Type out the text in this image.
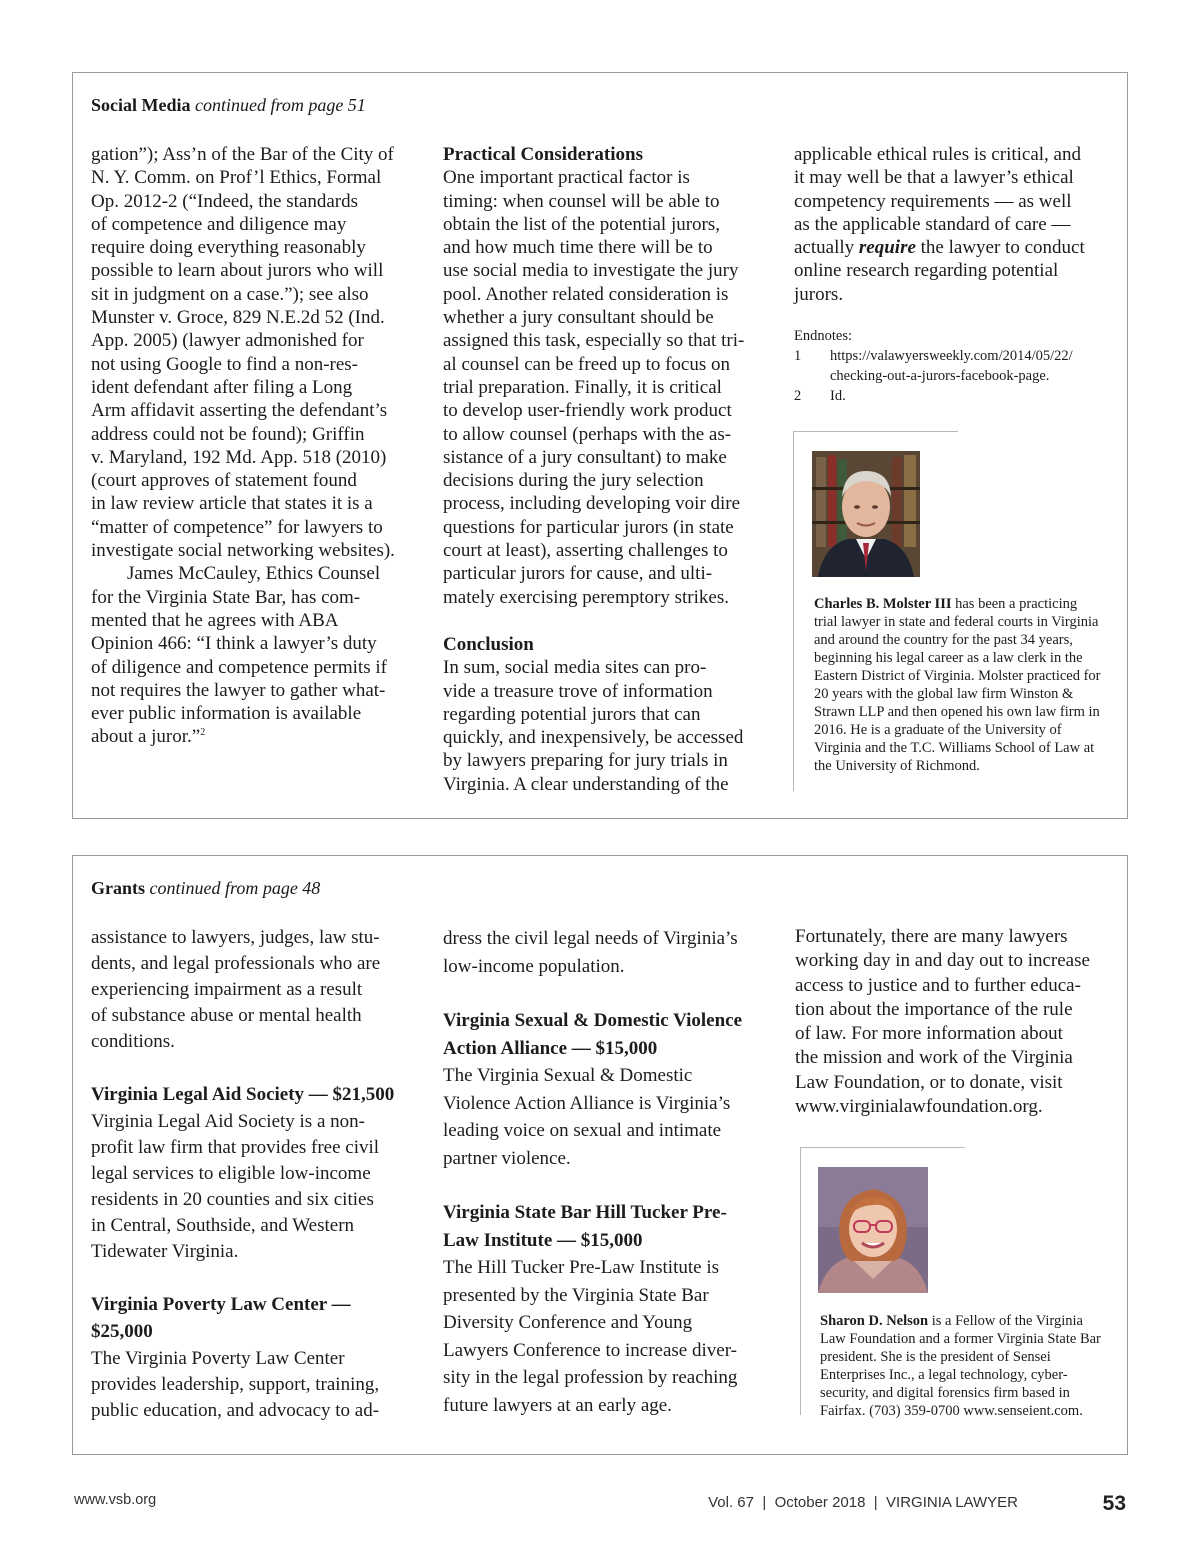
Social Media continued from page 51

gation”); Ass’n of the Bar of the City of
N. Y. Comm. on Prof’l Ethics, Formal
Op. 2012-2 (“Indeed, the standards
of competence and diligence may
require doing everything reasonably
possible to learn about jurors who will
sit in judgment on a case.”); see also
Munster v. Groce, 829 N.E.2d 52 (Ind.
App. 2005) (lawyer admonished for
not using Google to find a non-res-
ident defendant after filing a Long
Arm affidavit asserting the defendant’s
address could not be found); Griffin
v. Maryland, 192 Md. App. 518 (2010)
(court approves of statement found
in law review article that states it is a
“matter of competence” for lawyers to
investigate social networking websites).

James McCauley, Ethics Counsel
for the Virginia State Bar, has com-
mented that he agrees with ABA
Opinion 466: “I think a lawyer’s duty
of diligence and competence permits if
not requires the lawyer to gather what-
ever public information is available
about a juror.”$^2$

Practical Considerations

One important practical factor is
timing: when counsel will be able to
obtain the list of the potential jurors,
and how much time there will be to
use social media to investigate the jury
pool. Another related consideration is
whether a jury consultant should be
assigned this task, especially so that tri-
al counsel can be freed up to focus on
trial preparation. Finally, it is critical
to develop user-friendly work product
to allow counsel (perhaps with the as-
sistance of a jury consultant) to make
decisions during the jury selection
process, including developing voir dire
questions for particular jurors (in state
court at least), asserting challenges to
particular jurors for cause, and ulti-
mately exercising peremptory strikes.

Conclusion

In sum, social media sites can pro-
vide a treasure trove of information
regarding potential jurors that can
quickly, and inexpensively, be accessed
by lawyers preparing for jury trials in
Virginia. A clear understanding of the

applicable ethical rules is critical, and
it may well be that a lawyer’s ethical
competency requirements — as well
as the applicable standard of care —
actually require the lawyer to conduct
online research regarding potential
jurors.

Endnotes:
1	https://valawyersweekly.com/2014/05/22/
checking-out-a-jurors-facebook-page.
2	Id.
Charles B. Molster III has been a practicing trial lawyer in state and federal courts in Virginia and around the country for the past 34 years, beginning his legal career as a law clerk in the Eastern District of Virginia. Molster practiced for 20 years with the global law firm Winston & Strawn LLP and then opened his own law firm in 2016. He is a graduate of the University of Virginia and the T.C. Williams School of Law at the University of Richmond.
Grants continued from page 48

assistance to lawyers, judges, law stu-
dents, and legal professionals who are
experiencing impairment as a result
of substance abuse or mental health
conditions.

Virginia Legal Aid Society — $21,500

Virginia Legal Aid Society is a non-
profit law firm that provides free civil
legal services to eligible low-income
residents in 20 counties and six cities
in Central, Southside, and Western
Tidewater Virginia.

Virginia Poverty Law Center —
$25,000

The Virginia Poverty Law Center
provides leadership, support, training,
public education, and advocacy to ad-

dress the civil legal needs of Virginia’s
low-income population.

Virginia Sexual & Domestic Violence
Action Alliance — $15,000

The Virginia Sexual & Domestic
Violence Action Alliance is Virginia’s
leading voice on sexual and intimate
partner violence.

Virginia State Bar Hill Tucker Pre-
Law Institute — $15,000

The Hill Tucker Pre-Law Institute is
presented by the Virginia State Bar
Diversity Conference and Young
Lawyers Conference to increase diver-
sity in the legal profession by reaching
future lawyers at an early age.

Fortunately, there are many lawyers
working day in and day out to increase
access to justice and to further educa-
tion about the importance of the rule
of law. For more information about
the mission and work of the Virginia
Law Foundation, or to donate, visit
www.virginialawfoundation.org.

Sharon D. Nelson is a Fellow of the Virginia Law Foundation and a former Virginia State Bar president. She is the president of Sensei Enterprises Inc., a legal technology, cyber-security, and digital forensics firm based in Fairfax. (703) 359-0700 www.senseient.com.
www.vsb.org	Vol. 67  |  October 2018  |  VIRGINIA LAWYER	53
